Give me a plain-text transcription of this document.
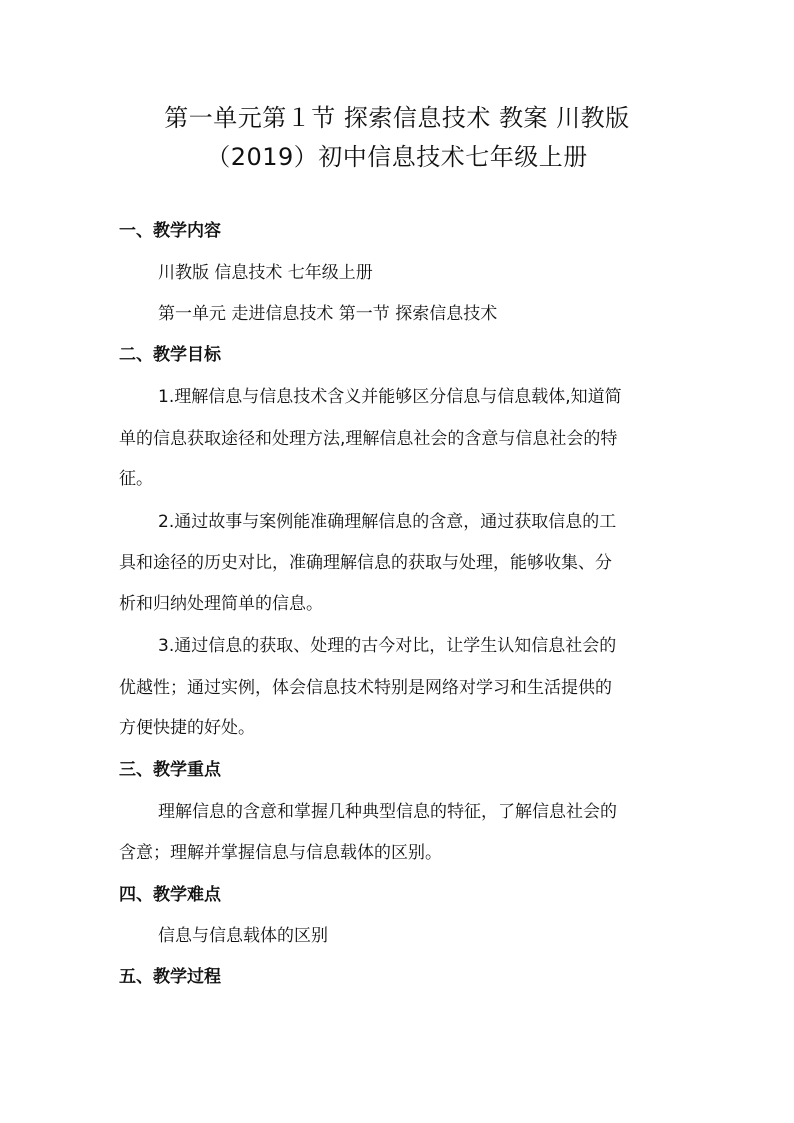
第一单元第１节 探索信息技术 教案 川教版
（2019）初中信息技术七年级上册
一、教学内容

川教版 信息技术 七年级上册

第一单元 走进信息技术 第一节 探索信息技术

二、教学目标

1.理解信息与信息技术含义并能够区分信息与信息载体,知道简

单的信息获取途径和处理方法,理解信息社会的含意与信息社会的特

征。

2.通过故事与案例能准确理解信息的含意，通过获取信息的工

具和途径的历史对比，准确理解信息的获取与处理，能够收集、分

析和归纳处理简单的信息。

3.通过信息的获取、处理的古今对比，让学生认知信息社会的

优越性；通过实例，体会信息技术特别是网络对学习和生活提供的

方便快捷的好处。

三、教学重点

理解信息的含意和掌握几种典型信息的特征，了解信息社会的

含意；理解并掌握信息与信息载体的区别。

四、教学难点

信息与信息载体的区别

五、教学过程
